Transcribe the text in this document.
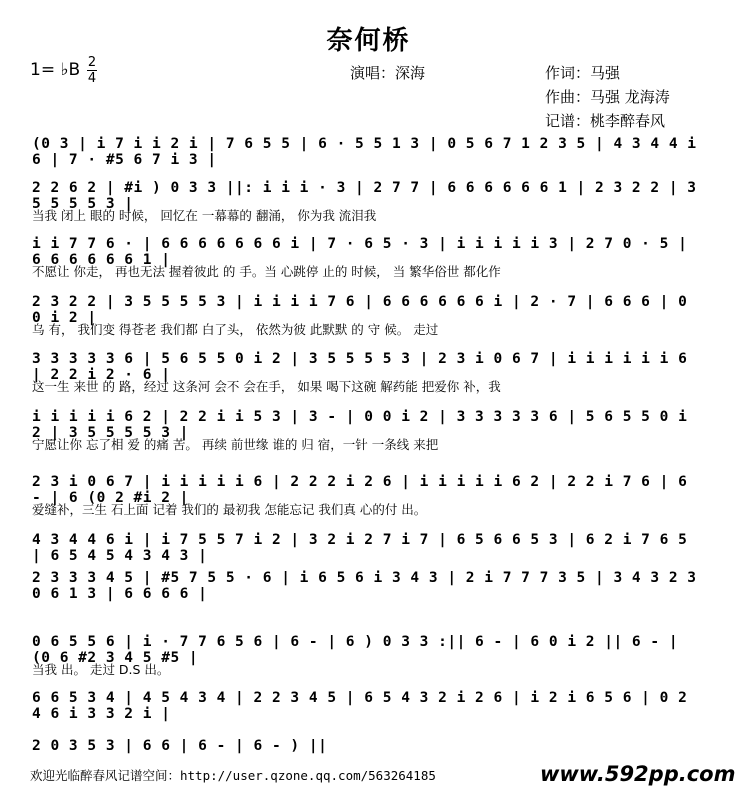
奈何桥
1= ♭B 2
4	演唱：深海	作词：马强
作曲：马强 龙海涛
记谱：桃李醉春风
(0 3 | i 7 i i 2 i | 7 6 5 5 | 6 · 5 5 1 3 | 0 5 6 7 1 2 3 5 | 4 3 4 4 i 6 | 7 · #5 6 7 i 3 |
2 2 6 2 | #i ) 0 3 3 ||: i i i · 3 | 2 7 7 | 6 6 6 6 6 6 1 | 2 3 2 2 | 3 5 5 5 5 3 |
当我 闭上 眼的 时候， 回忆在 一幕幕的 翻涌， 你为我 流泪我
i i 7 7 6 · | 6 6 6 6 6 6 6 i | 7 · 6 5 · 3 | i i i i i 3 | 2 7 0 · 5 | 6 6 6 6 6 6 1 |
不愿让 你走， 再也无法 握着彼此 的 手。当 心跳停 止的 时候， 当 繁华俗世 都化作
2 3 2 2 | 3 5 5 5 5 3 | i i i i 7 6 | 6 6 6 6 6 6 i | 2 · 7 | 6 6 6 | 0 0 i 2 |
乌 有， 我们变 得苍老 我们都 白了头， 依然为彼 此默默 的 守 候。 走过
3 3 3 3 3 6 | 5 6 5 5 0 i 2 | 3 5 5 5 5 3 | 2 3 i 0 6 7 | i i i i i i 6 | 2 2 i 2 · 6 |
这一生 来世 的 路，经过 这条河 会不 会在手， 如果 喝下这碗 解药能 把爱你 补，我
i i i i i 6 2 | 2 2 i i 5 3 | 3 - | 0 0 i 2 | 3 3 3 3 3 6 | 5 6 5 5 0 i 2 | 3 5 5 5 5 3 |
宁愿让你 忘了相 爱 的痛 苦。 再续 前世缘 谁的 归 宿，一针 一条线 来把
2 3 i 0 6 7 | i i i i i 6 | 2 2 2 i 2 6 | i i i i i 6 2 | 2 2 i 7 6 | 6 - | 6 (0 2 #i 2 |
爱缝补，三生 石上面 记着 我们的 最初我 怎能忘记 我们真 心的付 出。
4 3 4 4 6 i | i 7 5 5 7 i 2 | 3 2 i 2 7 i 7 | 6 5 6 6 5 3 | 6 2 i 7 6 5 | 6 5 4 5 4 3 4 3 |
2 3 3 3 4 5 | #5 7 5 5 · 6 | i 6 5 6 i 3 4 3 | 2 i 7 7 7 3 5 | 3 4 3 2 3 0 6 1 3 | 6 6 6 6 |
0 6 5 5 6 | i · 7 7 6 5 6 | 6 - | 6 ) 0 3 3 :|| 6 - | 6 0 i 2 || 6 - | (0 6 #2 3 4 5 #5 |
当我 出。 走过 D.S 出。
6 6 5 3 4 | 4 5 4 3 4 | 2 2 3 4 5 | 6 5 4 3 2 i 2 6 | i 2 i 6 5 6 | 0 2 4 6 i 3 3 2 i |
2 0 3 5 3 | 6 6 | 6 - | 6 - ) ||
欢迎光临醉春风记谱空间：http://user.qzone.qq.com/563264185	www.592pp.com
